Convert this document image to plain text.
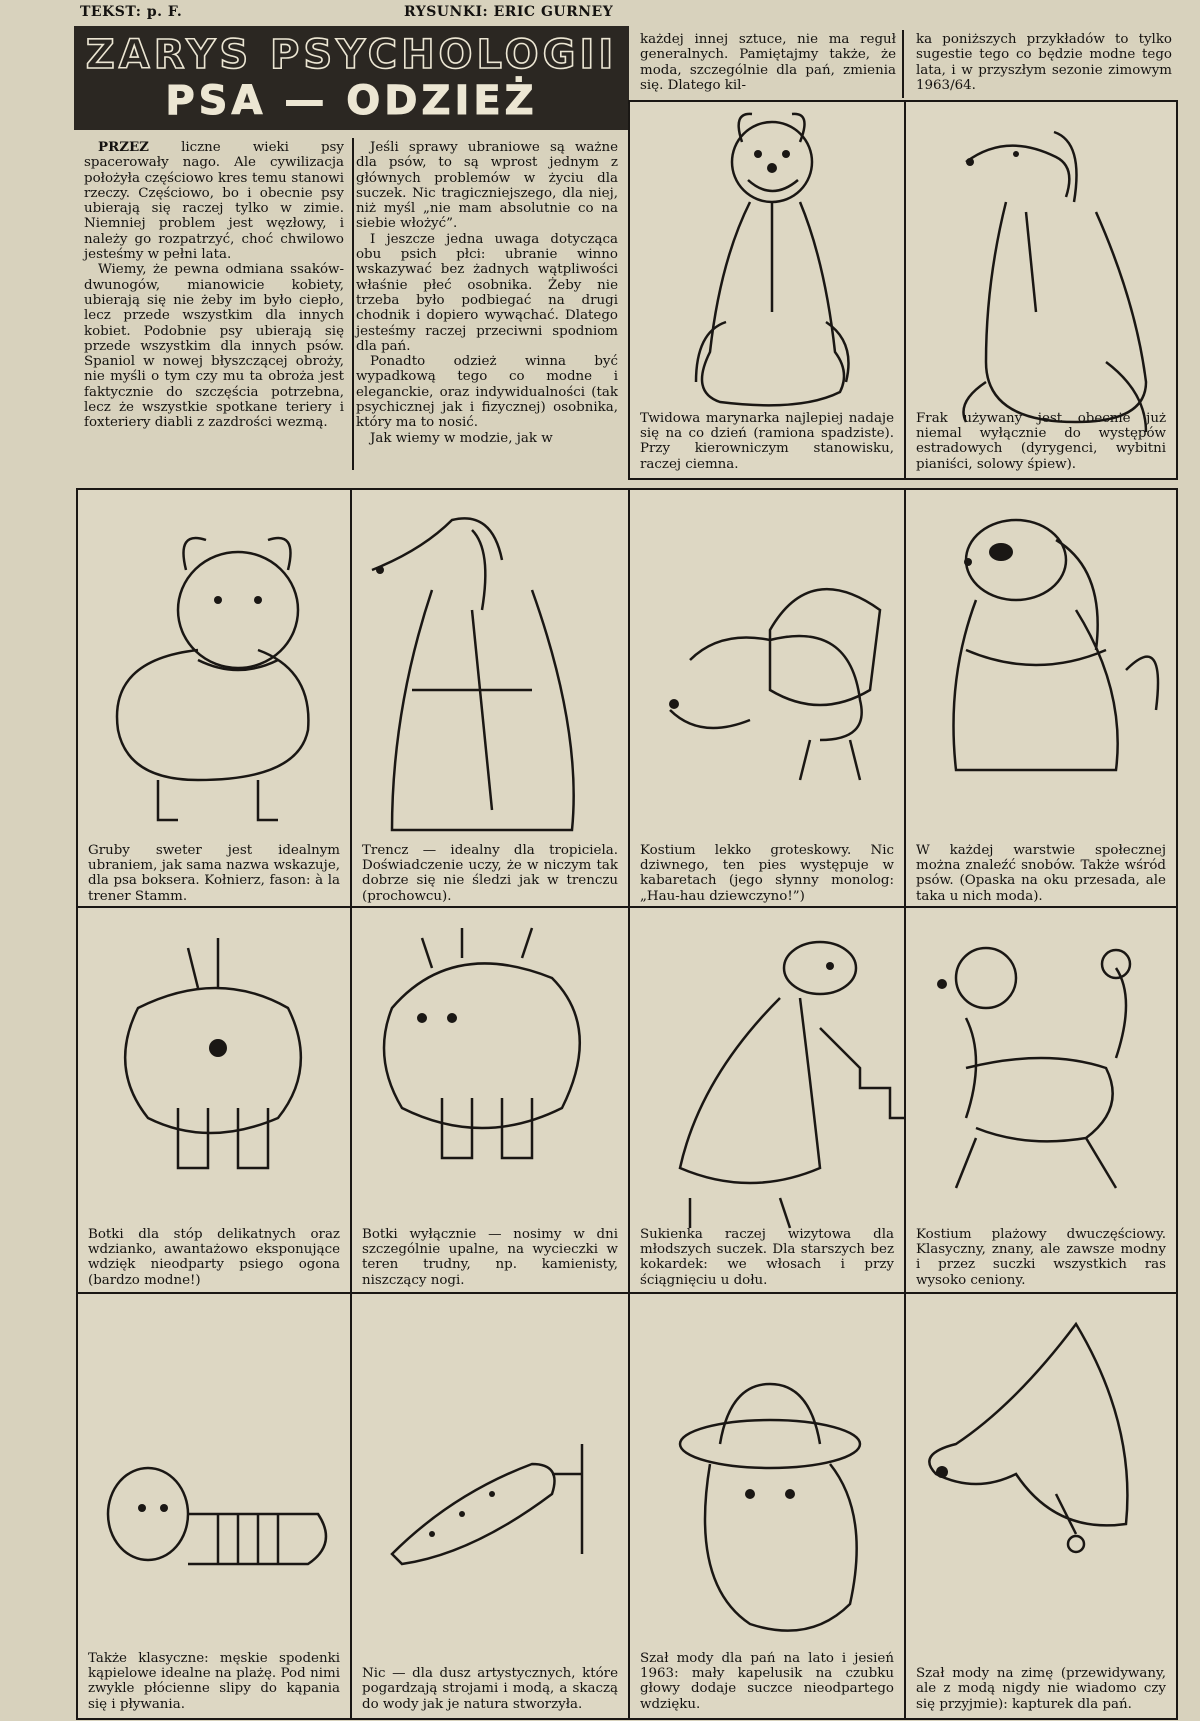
TEKST: p. F.	RYSUNKI: ERIC GURNEY
ZARYS PSYCHOLOGII
PSA — ODZIEŻ

PRZEZ liczne wieki psy spacerowały nago. Ale cywilizacja położyła częściowo kres temu stanowi rzeczy. Częściowo, bo i obecnie psy ubierają się raczej tylko w zimie. Niemniej problem jest węzłowy, i należy go rozpatrzyć, choć chwilowo jesteśmy w pełni lata.

Wiemy, że pewna odmiana ssaków-dwunogów, mianowicie kobiety, ubierają się nie żeby im było ciepło, lecz przede wszystkim dla innych kobiet. Podobnie psy ubierają się przede wszystkim dla innych psów. Spaniol w nowej błyszczącej obroży, nie myśli o tym czy mu ta obroża jest faktycznie do szczęścia potrzebna, lecz że wszystkie spotkane teriery i foxteriery diabli z zazdrości wezmą.

Jeśli sprawy ubraniowe są ważne dla psów, to są wprost jednym z głównych problemów w życiu dla suczek. Nic tragiczniejszego, dla niej, niż myśl „nie mam absolutnie co na siebie włożyć”.

I jeszcze jedna uwaga dotycząca obu psich płci: ubranie winno wskazywać bez żadnych wątpliwości właśnie płeć osobnika. Żeby nie trzeba było podbiegać na drugi chodnik i dopiero wywąchać. Dlatego jesteśmy raczej przeciwni spodniom dla pań.

Ponadto odzież winna być wypadkową tego co modne i eleganckie, oraz indywidualności (tak psychicznej jak i fizycznej) osobnika, który ma to nosić.

Jak wiemy w modzie, jak w

każdej innej sztuce, nie ma reguł generalnych. Pamiętajmy także, że moda, szczególnie dla pań, zmienia się. Dlatego kil-

ka poniższych przykładów to tylko sugestie tego co będzie modne tego lata, i w przyszłym sezonie zimowym 1963/64.

Twidowa marynarka najlepiej nadaje się na co dzień (ramiona spadziste). Przy kierowniczym stanowisku, raczej ciemna.
Frak używany jest obecnie już niemal wyłącznie do występów estradowych (dyrygenci, wybitni pianiści, solowy śpiew).
Gruby sweter jest idealnym ubraniem, jak sama nazwa wskazuje, dla psa boksera. Kołnierz, fason: à la trener Stamm.
Trencz — idealny dla tropiciela. Doświadczenie uczy, że w niczym tak dobrze się nie śledzi jak w trenczu (prochowcu).
Kostium lekko groteskowy. Nic dziwnego, ten pies występuje w kabaretach (jego słynny monolog: „Hau-hau dziewczyno!”)
W każdej warstwie społecznej można znaleźć snobów. Także wśród psów. (Opaska na oku przesada, ale taka u nich moda).
Botki dla stóp delikatnych oraz wdzianko, awantażowo eksponujące wdzięk nieodparty psiego ogona (bardzo modne!)
Botki wyłącznie — nosimy w dni szczególnie upalne, na wycieczki w teren trudny, np. kamienisty, niszczący nogi.
Sukienka raczej wizytowa dla młodszych suczek. Dla starszych bez kokardek: we włosach i przy ściągnięciu u dołu.
Kostium plażowy dwuczęściowy. Klasyczny, znany, ale zawsze modny i przez suczki wszystkich ras wysoko ceniony.
Także klasyczne: męskie spodenki kąpielowe idealne na plażę. Pod nimi zwykle płócienne slipy do kąpania się i pływania.
Nic — dla dusz artystycznych, które pogardzają strojami i modą, a skaczą do wody jak je natura stworzyła.
Szał mody dla pań na lato i jesień 1963: mały kapelusik na czubku głowy dodaje suczce nieodpartego wdzięku.
Szał mody na zimę (przewidywany, ale z modą nigdy nie wiadomo czy się przyjmie): kapturek dla pań.
